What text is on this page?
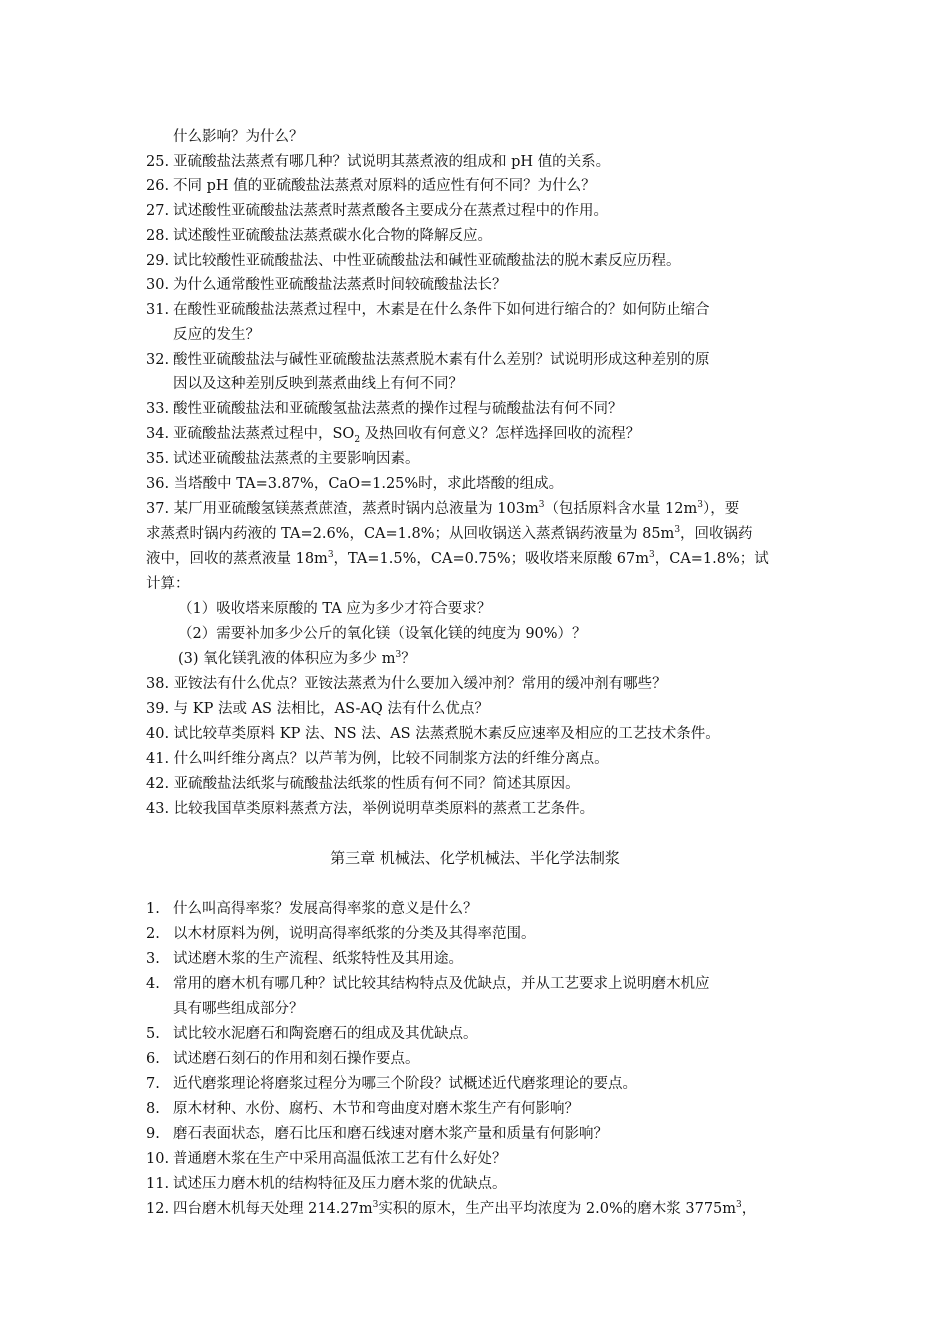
什么影响？为什么？
25. 亚硫酸盐法蒸煮有哪几种？试说明其蒸煮液的组成和 pH 值的关系。
26. 不同 pH 值的亚硫酸盐法蒸煮对原料的适应性有何不同？为什么？
27. 试述酸性亚硫酸盐法蒸煮时蒸煮酸各主要成分在蒸煮过程中的作用。
28. 试述酸性亚硫酸盐法蒸煮碳水化合物的降解反应。
29. 试比较酸性亚硫酸盐法、中性亚硫酸盐法和碱性亚硫酸盐法的脱木素反应历程。
30. 为什么通常酸性亚硫酸盐法蒸煮时间较硫酸盐法长？
31. 在酸性亚硫酸盐法蒸煮过程中，木素是在什么条件下如何进行缩合的？如何防止缩合
反应的发生？
32. 酸性亚硫酸盐法与碱性亚硫酸盐法蒸煮脱木素有什么差别？试说明形成这种差别的原
因以及这种差别反映到蒸煮曲线上有何不同？
33. 酸性亚硫酸盐法和亚硫酸氢盐法蒸煮的操作过程与硫酸盐法有何不同？
34. 亚硫酸盐法蒸煮过程中，$SO_2$ 及热回收有何意义？怎样选择回收的流程？
35. 试述亚硫酸盐法蒸煮的主要影响因素。
36. 当塔酸中 TA=3.87%，CaO=1.25%时，求此塔酸的组成。
37. 某厂用亚硫酸氢镁蒸煮蔗渣，蒸煮时锅内总液量为 $103m^3$（包括原料含水量 $12m^3$），要
求蒸煮时锅内药液的 TA=2.6%，CA=1.8%；从回收锅送入蒸煮锅药液量为 $85m^3$，回收锅药
液中，回收的蒸煮液量 $18m^3$，TA=1.5%，CA=0.75%；吸收塔来原酸 $67m^3$，CA=1.8%；试
计算：
（1）吸收塔来原酸的 TA 应为多少才符合要求？
（2）需要补加多少公斤的氧化镁（设氧化镁的纯度为 90%）？
(3) 氧化镁乳液的体积应为多少 $m^3$？
38. 亚铵法有什么优点？亚铵法蒸煮为什么要加入缓冲剂？常用的缓冲剂有哪些？
39. 与 KP 法或 AS 法相比，AS-AQ 法有什么优点？
40. 试比较草类原料 KP 法、NS 法、AS 法蒸煮脱木素反应速率及相应的工艺技术条件。
41. 什么叫纤维分离点？以芦苇为例，比较不同制浆方法的纤维分离点。
42. 亚硫酸盐法纸浆与硫酸盐法纸浆的性质有何不同？简述其原因。
43. 比较我国草类原料蒸煮方法，举例说明草类原料的蒸煮工艺条件。
第三章 机械法、化学机械法、半化学法制浆
1. 什么叫高得率浆？发展高得率浆的意义是什么？
2. 以木材原料为例，说明高得率纸浆的分类及其得率范围。
3. 试述磨木浆的生产流程、纸浆特性及其用途。
4. 常用的磨木机有哪几种？试比较其结构特点及优缺点，并从工艺要求上说明磨木机应
具有哪些组成部分？
5. 试比较水泥磨石和陶瓷磨石的组成及其优缺点。
6. 试述磨石刻石的作用和刻石操作要点。
7. 近代磨浆理论将磨浆过程分为哪三个阶段？试概述近代磨浆理论的要点。
8. 原木材种、水份、腐朽、木节和弯曲度对磨木浆生产有何影响？
9. 磨石表面状态，磨石比压和磨石线速对磨木浆产量和质量有何影响？
10. 普通磨木浆在生产中采用高温低浓工艺有什么好处？
11. 试述压力磨木机的结构特征及压力磨木浆的优缺点。
12. 四台磨木机每天处理 $214.27m^3$实积的原木，生产出平均浓度为 2.0%的磨木浆 $3775m^3$，
